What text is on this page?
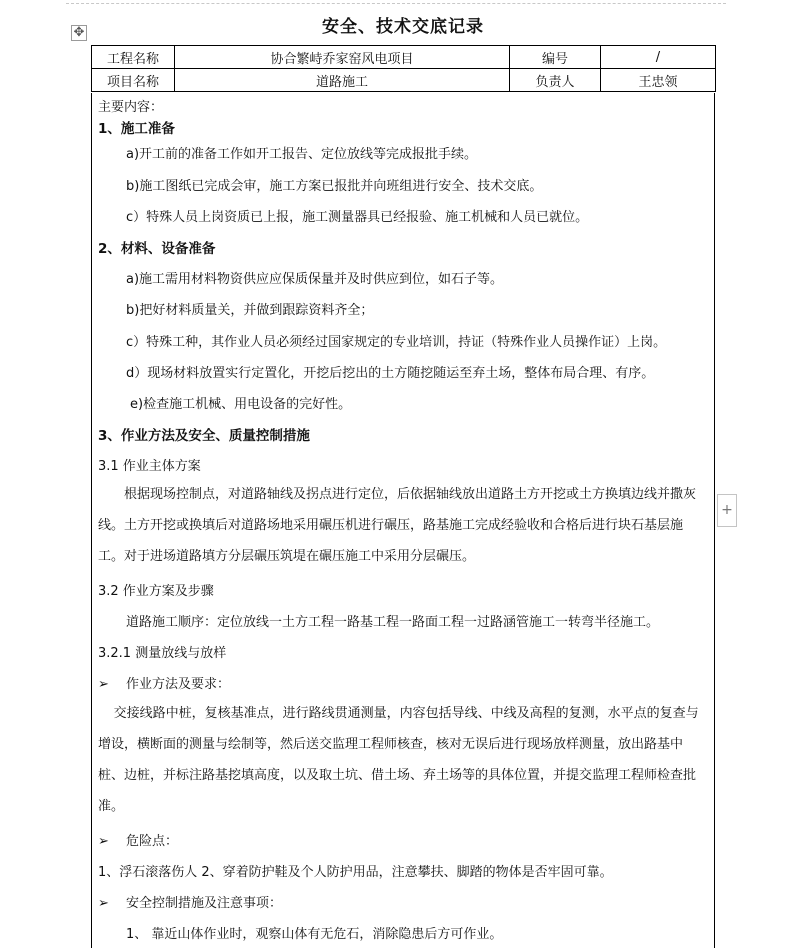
✥	安全、技术交底记录
工程名称	协合繁峙乔家窑风电项目	编号	/
项目名称	道路施工	负责人	王忠领
主要内容：
1、施工准备
a)开工前的准备工作如开工报告、定位放线等完成报批手续。
b)施工图纸已完成会审，施工方案已报批并向班组进行安全、技术交底。
c）特殊人员上岗资质已上报，施工测量器具已经报验、施工机械和人员已就位。
2、材料、设备准备
a)施工需用材料物资供应应保质保量并及时供应到位，如石子等。
b)把好材料质量关，并做到跟踪资料齐全；
c）特殊工种，其作业人员必须经过国家规定的专业培训，持证（特殊作业人员操作证）上岗。
d）现场材料放置实行定置化，开挖后挖出的土方随挖随运至弃土场，整体布局合理、有序。
e)检查施工机械、用电设备的完好性。
3、作业方法及安全、质量控制措施
3.1 作业主体方案
根据现场控制点，对道路轴线及拐点进行定位，后依据轴线放出道路土方开挖或土方换填边线并撒灰线。土方开挖或换填后对道路场地采用碾压机进行碾压，路基施工完成经验收和合格后进行块石基层施工。对于进场道路填方分层碾压筑堤在碾压施工中采用分层碾压。
3.2 作业方案及步骤
道路施工顺序：定位放线一土方工程一路基工程一路面工程一过路涵管施工一转弯半径施工。
3.2.1 测量放线与放样
➢ 作业方法及要求：
交接线路中桩，复核基准点，进行路线贯通测量，内容包括导线、中线及高程的复测，水平点的复查与增设，横断面的测量与绘制等，然后送交监理工程师核查，核对无误后进行现场放样测量，放出路基中桩、边桩，并标注路基挖填高度，以及取土坑、借土场、弃土场等的具体位置，并提交监理工程师检查批准。
➢ 危险点：
1、浮石滚落伤人 2、穿着防护鞋及个人防护用品，注意攀扶、脚踏的物体是否牢固可靠。
➢ 安全控制措施及注意事项：
1、 靠近山体作业时，观察山体有无危石，消除隐患后方可作业。
+
